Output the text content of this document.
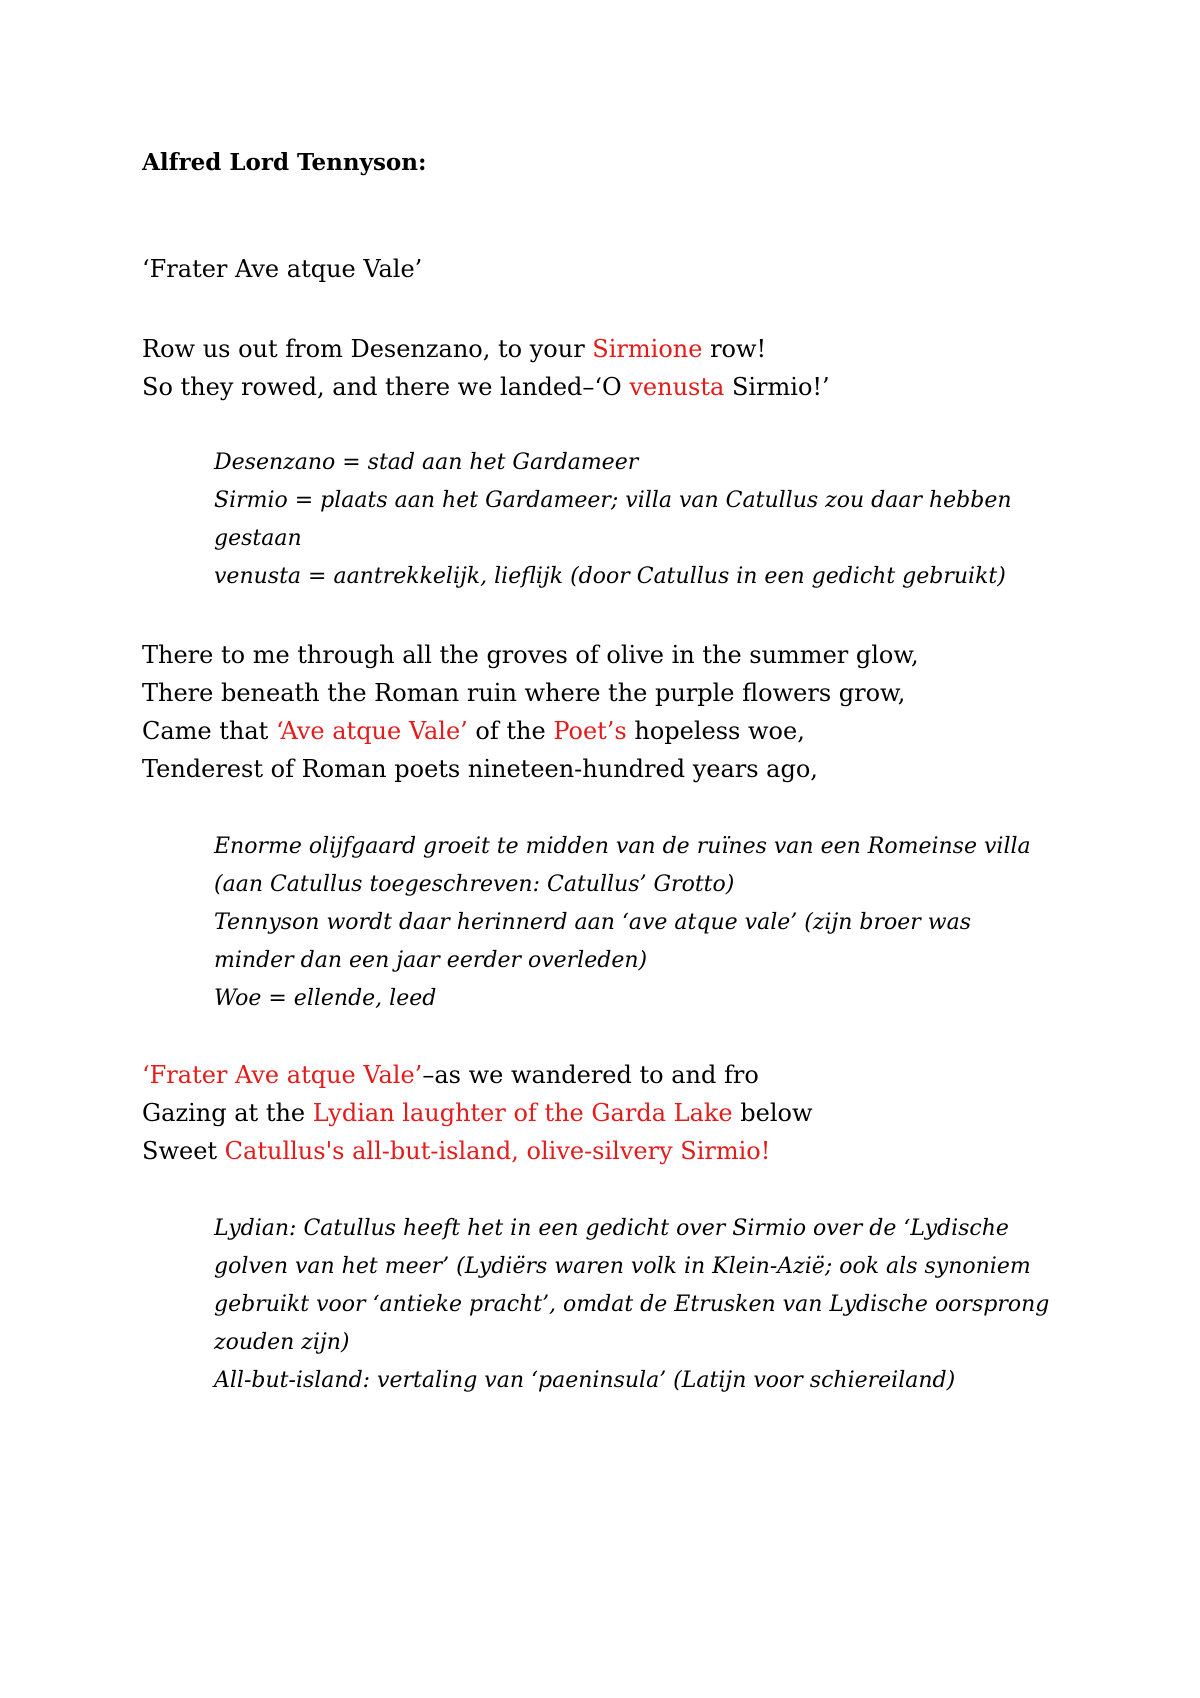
Alfred Lord Tennyson:

‘Frater Ave atque Vale’

Row us out from Desenzano, to your Sirmione row!
So they rowed, and there we landed–‘O venusta Sirmio!’
Desenzano = stad aan het Gardameer
Sirmio = plaats aan het Gardameer; villa van Catullus zou daar hebben
gestaan
venusta = aantrekkelijk, lieflijk (door Catullus in een gedicht gebruikt)
There to me through all the groves of olive in the summer glow,
There beneath the Roman ruin where the purple flowers grow,
Came that ‘Ave atque Vale’ of the Poet’s hopeless woe,
Tenderest of Roman poets nineteen-hundred years ago,
Enorme olijfgaard groeit te midden van de ruïnes van een Romeinse villa
(aan Catullus toegeschreven: Catullus’ Grotto)
Tennyson wordt daar herinnerd aan ‘ave atque vale’ (zijn broer was
minder dan een jaar eerder overleden)
Woe = ellende, leed
‘Frater Ave atque Vale’–as we wandered to and fro
Gazing at the Lydian laughter of the Garda Lake below
Sweet Catullus's all-but-island, olive-silvery Sirmio!
Lydian: Catullus heeft het in een gedicht over Sirmio over de ‘Lydische
golven van het meer’ (Lydiërs waren volk in Klein-Azië; ook als synoniem
gebruikt voor ‘antieke pracht’, omdat de Etrusken van Lydische oorsprong
zouden zijn)
All-but-island: vertaling van ‘paeninsula’ (Latijn voor schiereiland)
